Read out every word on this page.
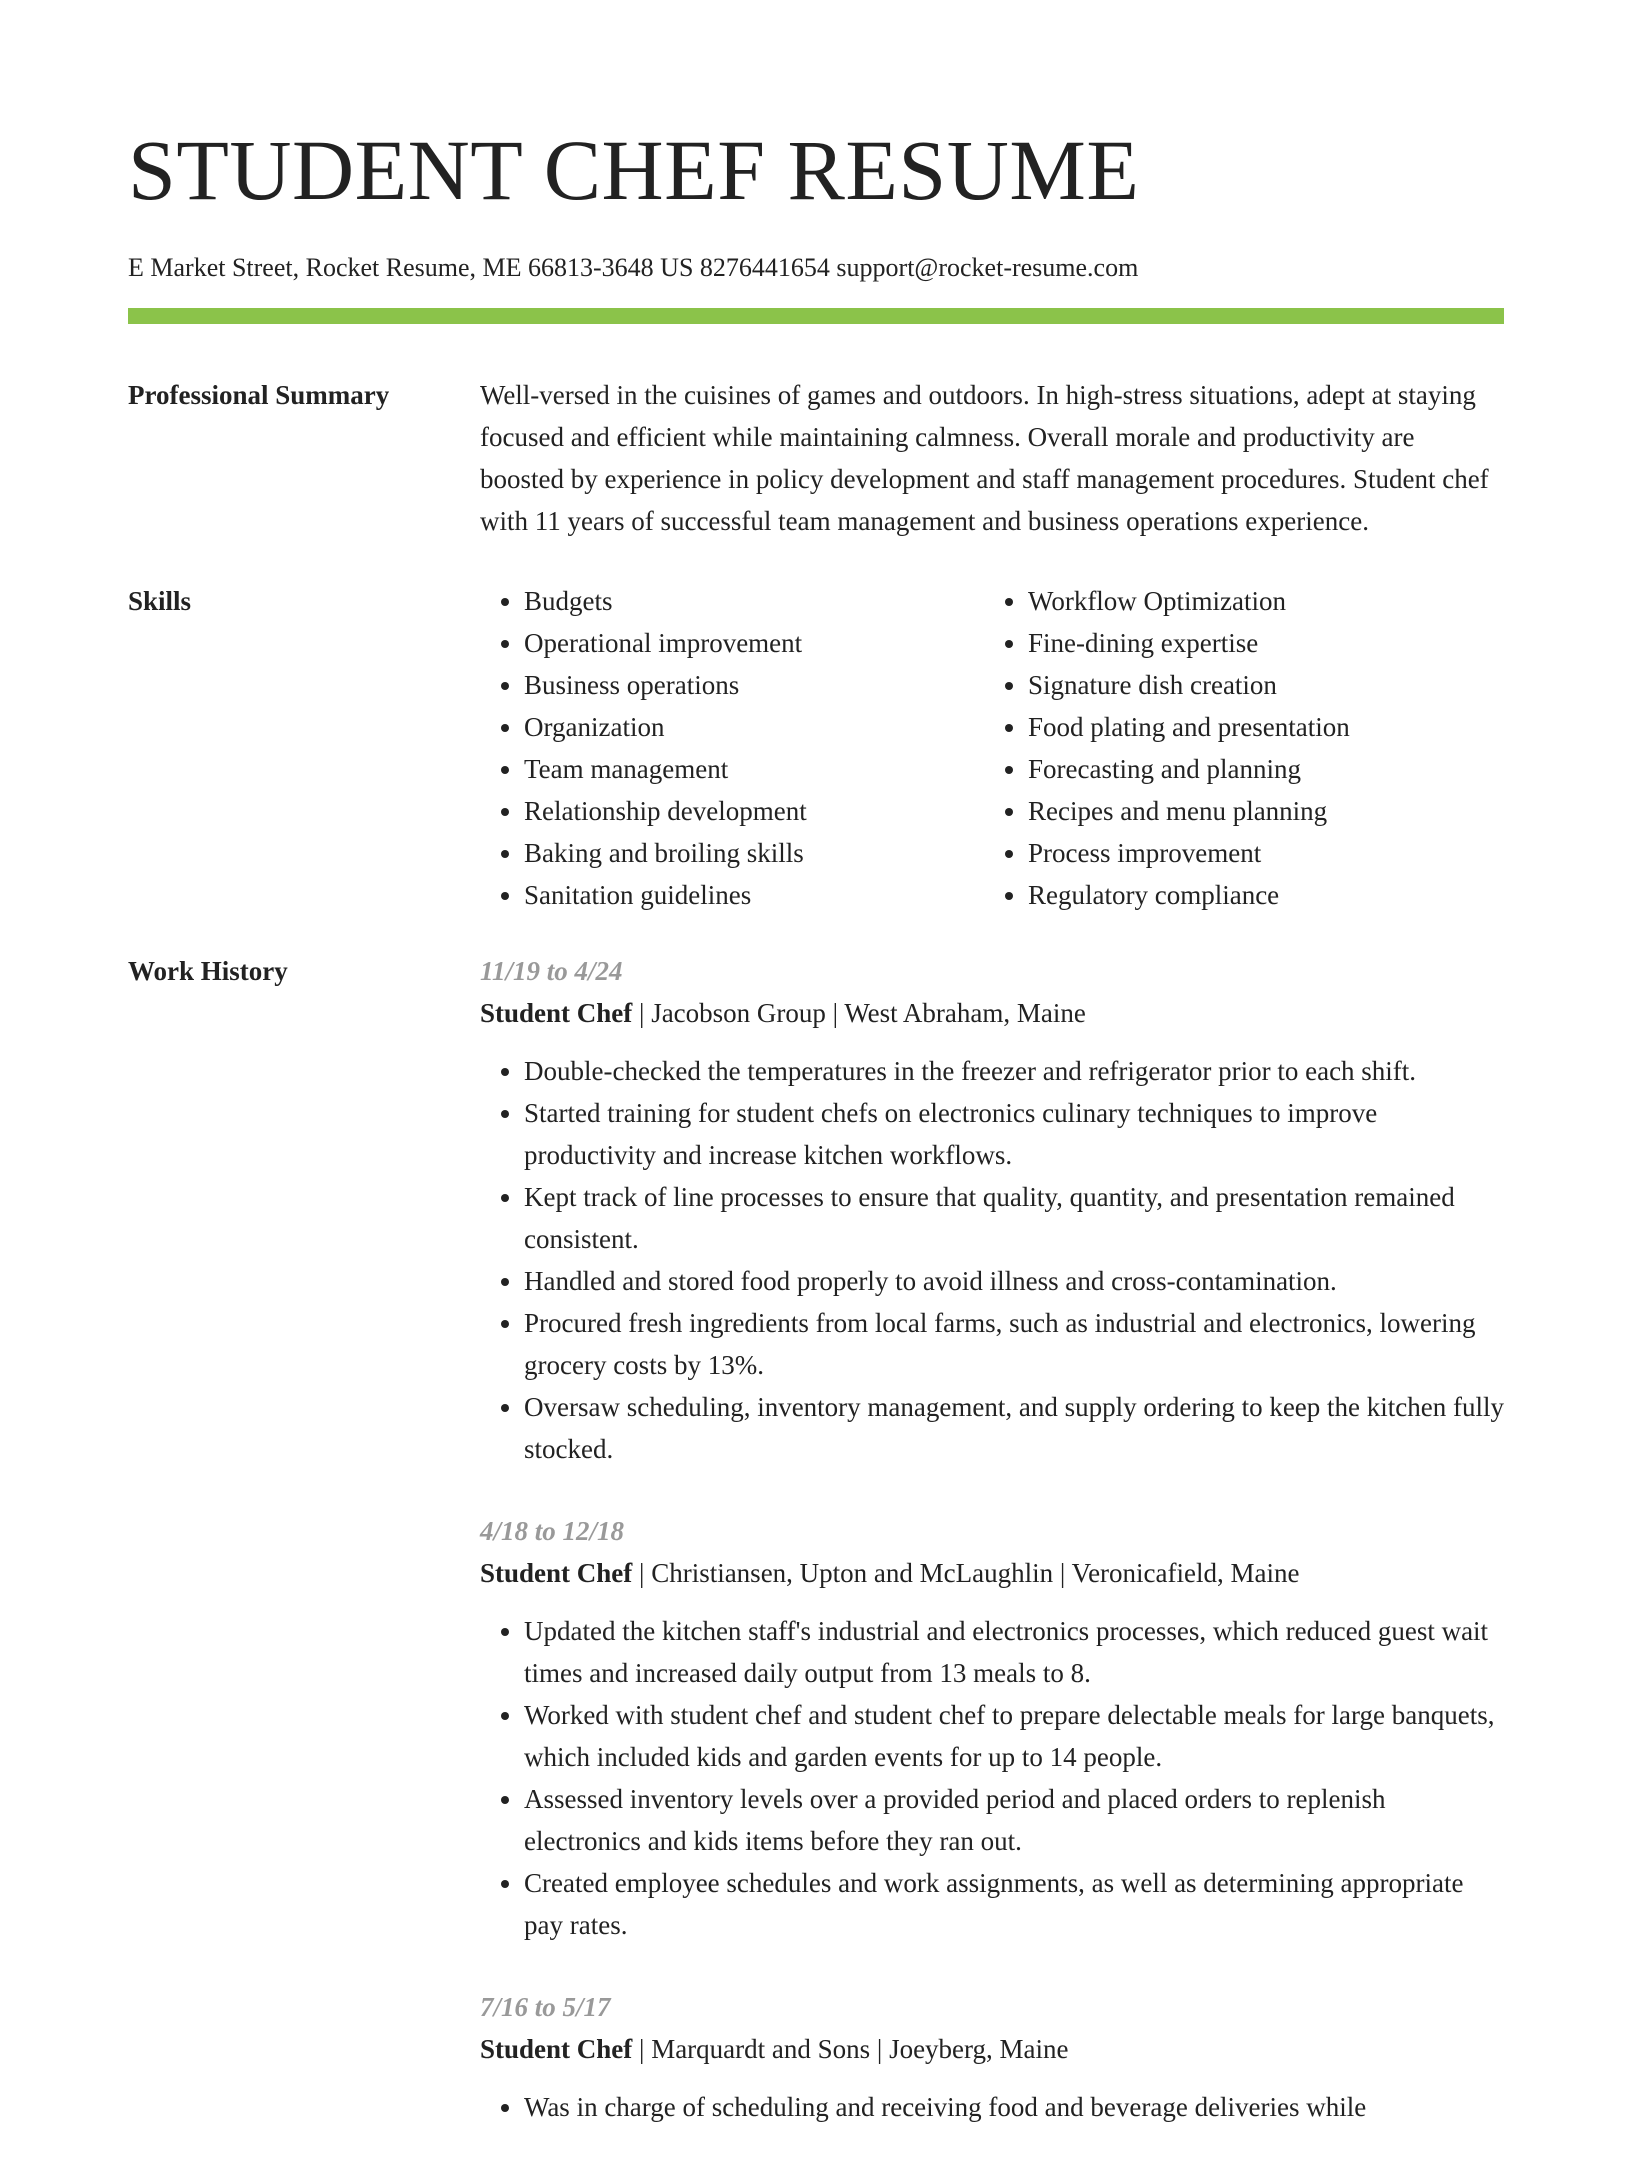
STUDENT CHEF RESUME
E Market Street, Rocket Resume, ME 66813-3648 US 8276441654 support@rocket-resume.com
Professional Summary	Well-versed in the cuisines of games and outdoors. In high-stress situations, adept at staying focused and efficient while maintaining calmness. Overall morale and productivity are boosted by experience in policy development and staff management procedures. Student chef with 11 years of successful team management and business operations experience.

Skills
•	Budgets
• Operational improvement
• Business operations
• Organization
• Team management
• Relationship development
• Baking and broiling skills
• Sanitation guidelines
• Workflow Optimization
• Fine-dining expertise
• Signature dish creation
• Food plating and presentation
• Forecasting and planning
• Recipes and menu planning
• Process improvement
• Regulatory compliance
Work History	11/19 to 4/24
Student Chef | Jacobson Group | West Abraham, Maine
• Double-checked the temperatures in the freezer and refrigerator prior to each shift.
• Started training for student chefs on electronics culinary techniques to improve productivity and increase kitchen workflows.
• Kept track of line processes to ensure that quality, quantity, and presentation remained consistent.
• Handled and stored food properly to avoid illness and cross-contamination.
• Procured fresh ingredients from local farms, such as industrial and electronics, lowering grocery costs by 13%.
• Oversaw scheduling, inventory management, and supply ordering to keep the kitchen fully stocked.
4/18 to 12/18
Student Chef | Christiansen, Upton and McLaughlin | Veronicafield, Maine
• Updated the kitchen staff's industrial and electronics processes, which reduced guest wait times and increased daily output from 13 meals to 8.
• Worked with student chef and student chef to prepare delectable meals for large banquets, which included kids and garden events for up to 14 people.
• Assessed inventory levels over a provided period and placed orders to replenish electronics and kids items before they ran out.
• Created employee schedules and work assignments, as well as determining appropriate pay rates.
7/16 to 5/17
Student Chef | Marquardt and Sons | Joeyberg, Maine
• Was in charge of scheduling and receiving food and beverage deliveries while
